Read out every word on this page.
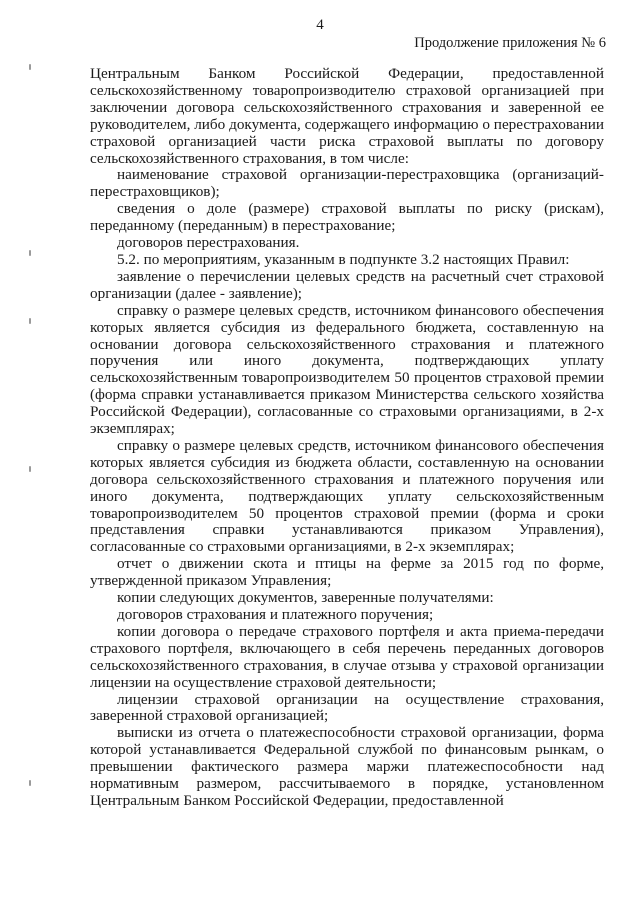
4
Продолжение приложения № 6

Центральным Банком Российской Федерации, предоставленной сельскохозяйственному товаропроизводителю страховой организацией при заключении договора сельскохозяйственного страхования и заверенной ее руководителем, либо документа, содержащего информацию о перестраховании страховой организацией части риска страховой выплаты по договору сельскохозяйственного страхования, в том числе:

наименование страховой организации-перестраховщика (организаций-перестраховщиков);

сведения о доле (размере) страховой выплаты по риску (рискам), переданному (переданным) в перестрахование;

договоров перестрахования.

5.2. по мероприятиям, указанным в подпункте 3.2 настоящих Правил:

заявление о перечислении целевых средств на расчетный счет страховой организации (далее - заявление);

справку о размере целевых средств, источником финансового обеспечения которых является субсидия из федерального бюджета, составленную на основании договора сельскохозяйственного страхования и платежного поручения или иного документа, подтверждающих уплату сельскохозяйственным товаропроизводителем 50 процентов страховой премии (форма справки устанавливается приказом Министерства сельского хозяйства Российской Федерации), согласованные со страховыми организациями, в 2-х экземплярах;

справку о размере целевых средств, источником финансового обеспечения которых является субсидия из бюджета области, составленную на основании договора сельскохозяйственного страхования и платежного поручения или иного документа, подтверждающих уплату сельскохозяйственным товаропроизводителем 50 процентов страховой премии (форма и сроки представления справки устанавливаются приказом Управления), согласованные со страховыми организациями, в 2-х экземплярах;

отчет о движении скота и птицы на ферме за 2015 год по форме, утвержденной приказом Управления;

копии следующих документов, заверенные получателями:

договоров страхования и платежного поручения;

копии договора о передаче страхового портфеля и акта приема-передачи страхового портфеля, включающего в себя перечень переданных договоров сельскохозяйственного страхования, в случае отзыва у страховой организации лицензии на осуществление страховой деятельности;

лицензии страховой организации на осуществление страхования, заверенной страховой организацией;

выписки из отчета о платежеспособности страховой организации, форма которой устанавливается Федеральной службой по финансовым рынкам, о превышении фактического размера маржи платежеспособности над нормативным размером, рассчитываемого в порядке, установленном Центральным Банком Российской Федерации, предоставленной
